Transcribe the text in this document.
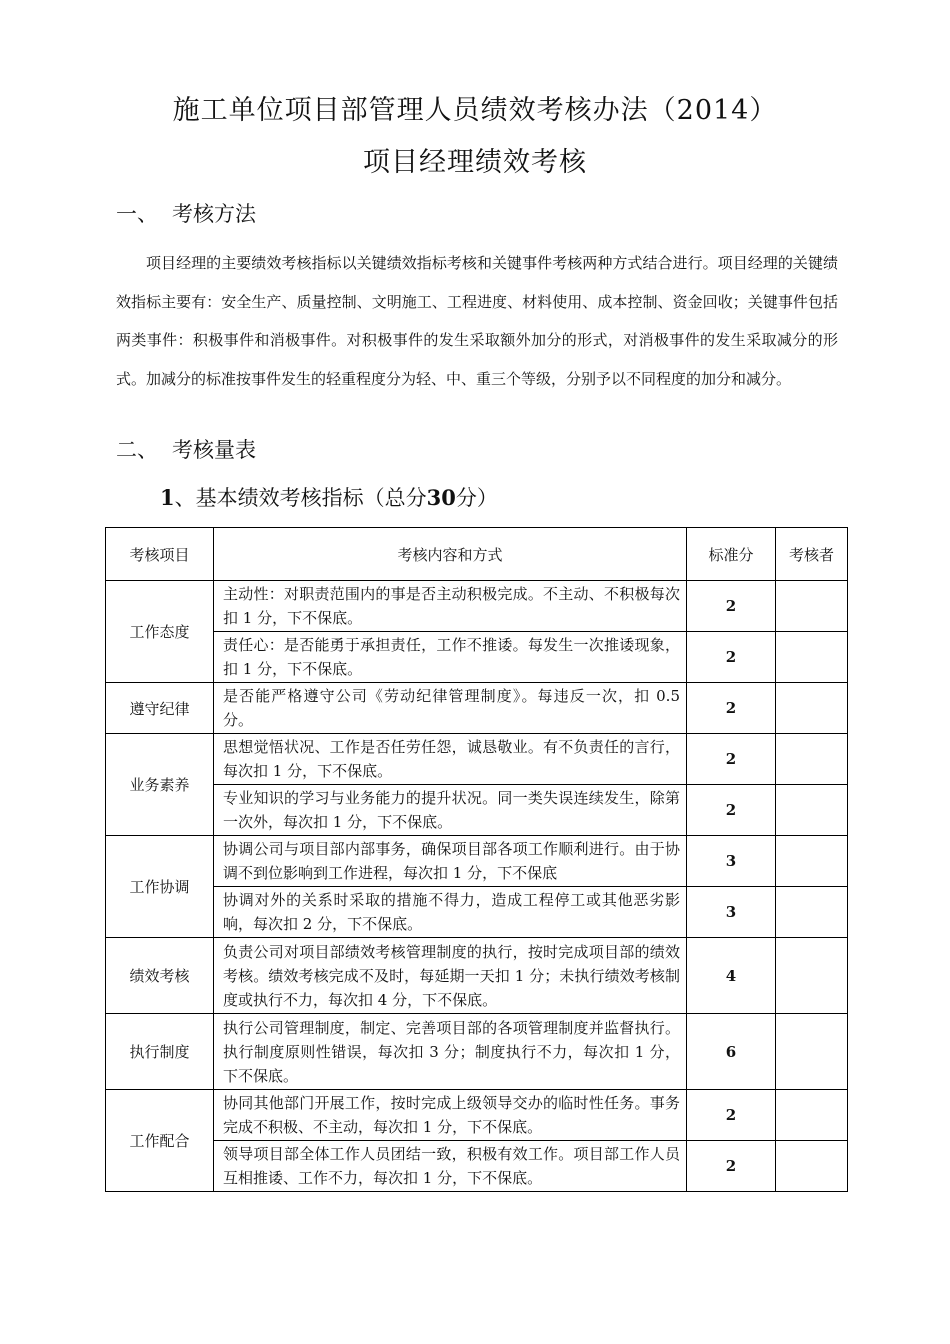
施工单位项目部管理人员绩效考核办法（2014）
项目经理绩效考核
一、 考核方法

项目经理的主要绩效考核指标以关键绩效指标考核和关键事件考核两种方式结合进行。项目经理的关键绩效指标主要有：安全生产、质量控制、文明施工、工程进度、材料使用、成本控制、资金回收；关键事件包括两类事件：积极事件和消极事件。对积极事件的发生采取额外加分的形式，对消极事件的发生采取减分的形式。加减分的标准按事件发生的轻重程度分为轻、中、重三个等级，分别予以不同程度的加分和减分。

二、 考核量表
1、基本绩效考核指标（总分30分）
考核项目	考核内容和方式	标准分	考核者
工作态度	主动性：对职责范围内的事是否主动积极完成。不主动、不积极每次扣 1 分，下不保底。	2	
	责任心：是否能勇于承担责任，工作不推诿。每发生一次推诿现象，扣 1 分，下不保底。	2	
遵守纪律	是否能严格遵守公司《劳动纪律管理制度》。每违反一次，扣 0.5 分。	2	
业务素养	思想觉悟状况、工作是否任劳任怨，诚恳敬业。有不负责任的言行，每次扣 1 分，下不保底。	2	
	专业知识的学习与业务能力的提升状况。同一类失误连续发生，除第一次外，每次扣 1 分，下不保底。	2	
工作协调	协调公司与项目部内部事务，确保项目部各项工作顺利进行。由于协调不到位影响到工作进程，每次扣 1 分，下不保底	3	
	协调对外的关系时采取的措施不得力，造成工程停工或其他恶劣影响，每次扣 2 分，下不保底。	3	
绩效考核	负责公司对项目部绩效考核管理制度的执行，按时完成项目部的绩效考核。绩效考核完成不及时，每延期一天扣 1 分；未执行绩效考核制度或执行不力，每次扣 4 分，下不保底。	4	
执行制度	执行公司管理制度，制定、完善项目部的各项管理制度并监督执行。执行制度原则性错误，每次扣 3 分；制度执行不力，每次扣 1 分，下不保底。	6	
工作配合	协同其他部门开展工作，按时完成上级领导交办的临时性任务。事务完成不积极、不主动，每次扣 1 分，下不保底。	2	
	领导项目部全体工作人员团结一致，积极有效工作。项目部工作人员互相推诿、工作不力，每次扣 1 分，下不保底。	2	
